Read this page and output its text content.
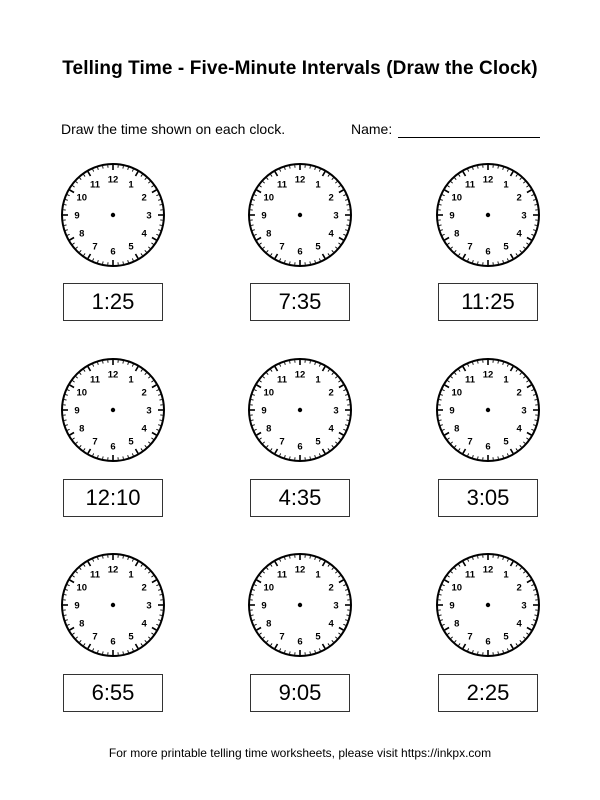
Telling Time - Five-Minute Intervals (Draw the Clock)
Draw the time shown on each clock.	Name:
12 1
2
3
4
5
6
7
8
9
10
11
1:25
12 1
2
3
4
5
6
7
8
9
10
11
7:35
12 1
2
3
4
5
6
7
8
9
10
11
11:25
12 1
2
3
4
5
6
7
8
9
10
11
12:10
12 1
2
3
4
5
6
7
8
9
10
11
4:35
12 1
2
3
4
5
6
7
8
9
10
11
3:05
12 1
2
3
4
5
6
7
8
9
10
11
6:55
12 1
2
3
4
5
6
7
8
9
10
11
9:05
12 1
2
3
4
5
6
7
8
9
10
11
2:25
For more printable telling time worksheets, please visit https://inkpx.com
